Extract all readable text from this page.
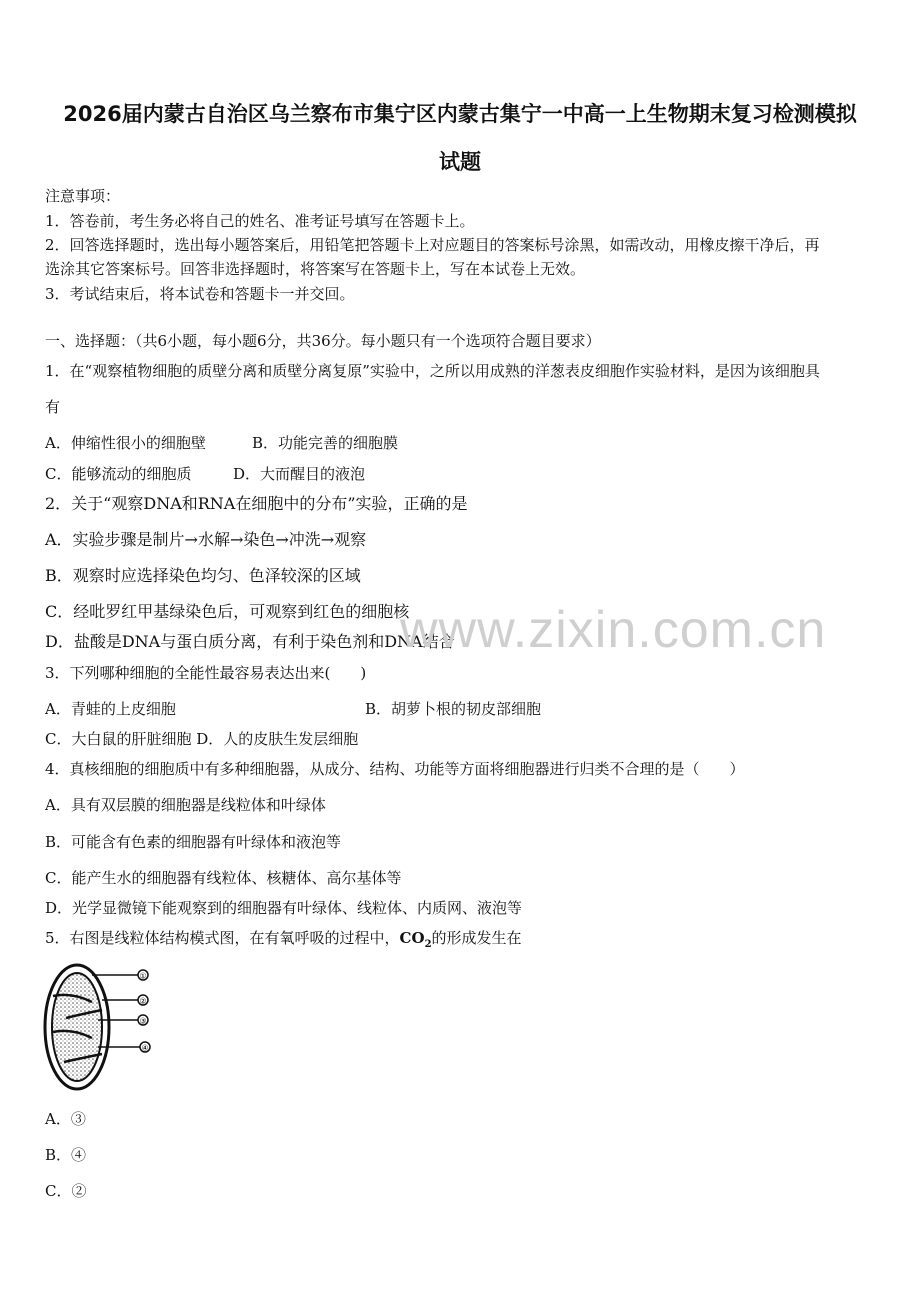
2026届内蒙古自治区乌兰察布市集宁区内蒙古集宁一中高一上生物期末复习检测模拟
试题
注意事项：
1．答卷前，考生务必将自己的姓名、准考证号填写在答题卡上。
2．回答选择题时，选出每小题答案后，用铅笔把答题卡上对应题目的答案标号涂黑，如需改动，用橡皮擦干净后，再
选涂其它答案标号。回答非选择题时，将答案写在答题卡上，写在本试卷上无效。
3．考试结束后，将本试卷和答题卡一并交回。
一、选择题：（共6小题，每小题6分，共36分。每小题只有一个选项符合题目要求）
1．在“观察植物细胞的质壁分离和质壁分离复原”实验中，之所以用成熟的洋葱表皮细胞作实验材料，是因为该细胞具
有
A．伸缩性很小的细胞壁	B．功能完善的细胞膜
C．能够流动的细胞质	D．大而醒目的液泡
2．关于“观察DNA和RNA在细胞中的分布”实验，正确的是
A．实验步骤是制片→水解→染色→冲洗→观察
B．观察时应选择染色均匀、色泽较深的区域
C．经吡罗红甲基绿染色后，可观察到红色的细胞核
D．盐酸是DNA与蛋白质分离，有利于染色剂和DNA结合
www.zixin.com.cn
3．下列哪种细胞的全能性最容易表达出来(　　)
A．青蛙的上皮细胞	B．胡萝卜根的韧皮部细胞
C．大白鼠的肝脏细胞 D．人的皮肤生发层细胞
4．真核细胞的细胞质中有多种细胞器，从成分、结构、功能等方面将细胞器进行归类不合理的是（　　）
A．具有双层膜的细胞器是线粒体和叶绿体
B．可能含有色素的细胞器有叶绿体和液泡等
C．能产生水的细胞器有线粒体、核糖体、高尔基体等
D．光学显微镜下能观察到的细胞器有叶绿体、线粒体、内质网、液泡等
5．右图是线粒体结构模式图，在有氧呼吸的过程中，$CO_2$的形成发生在
①
②
③
④
A．③
B．④
C．②
